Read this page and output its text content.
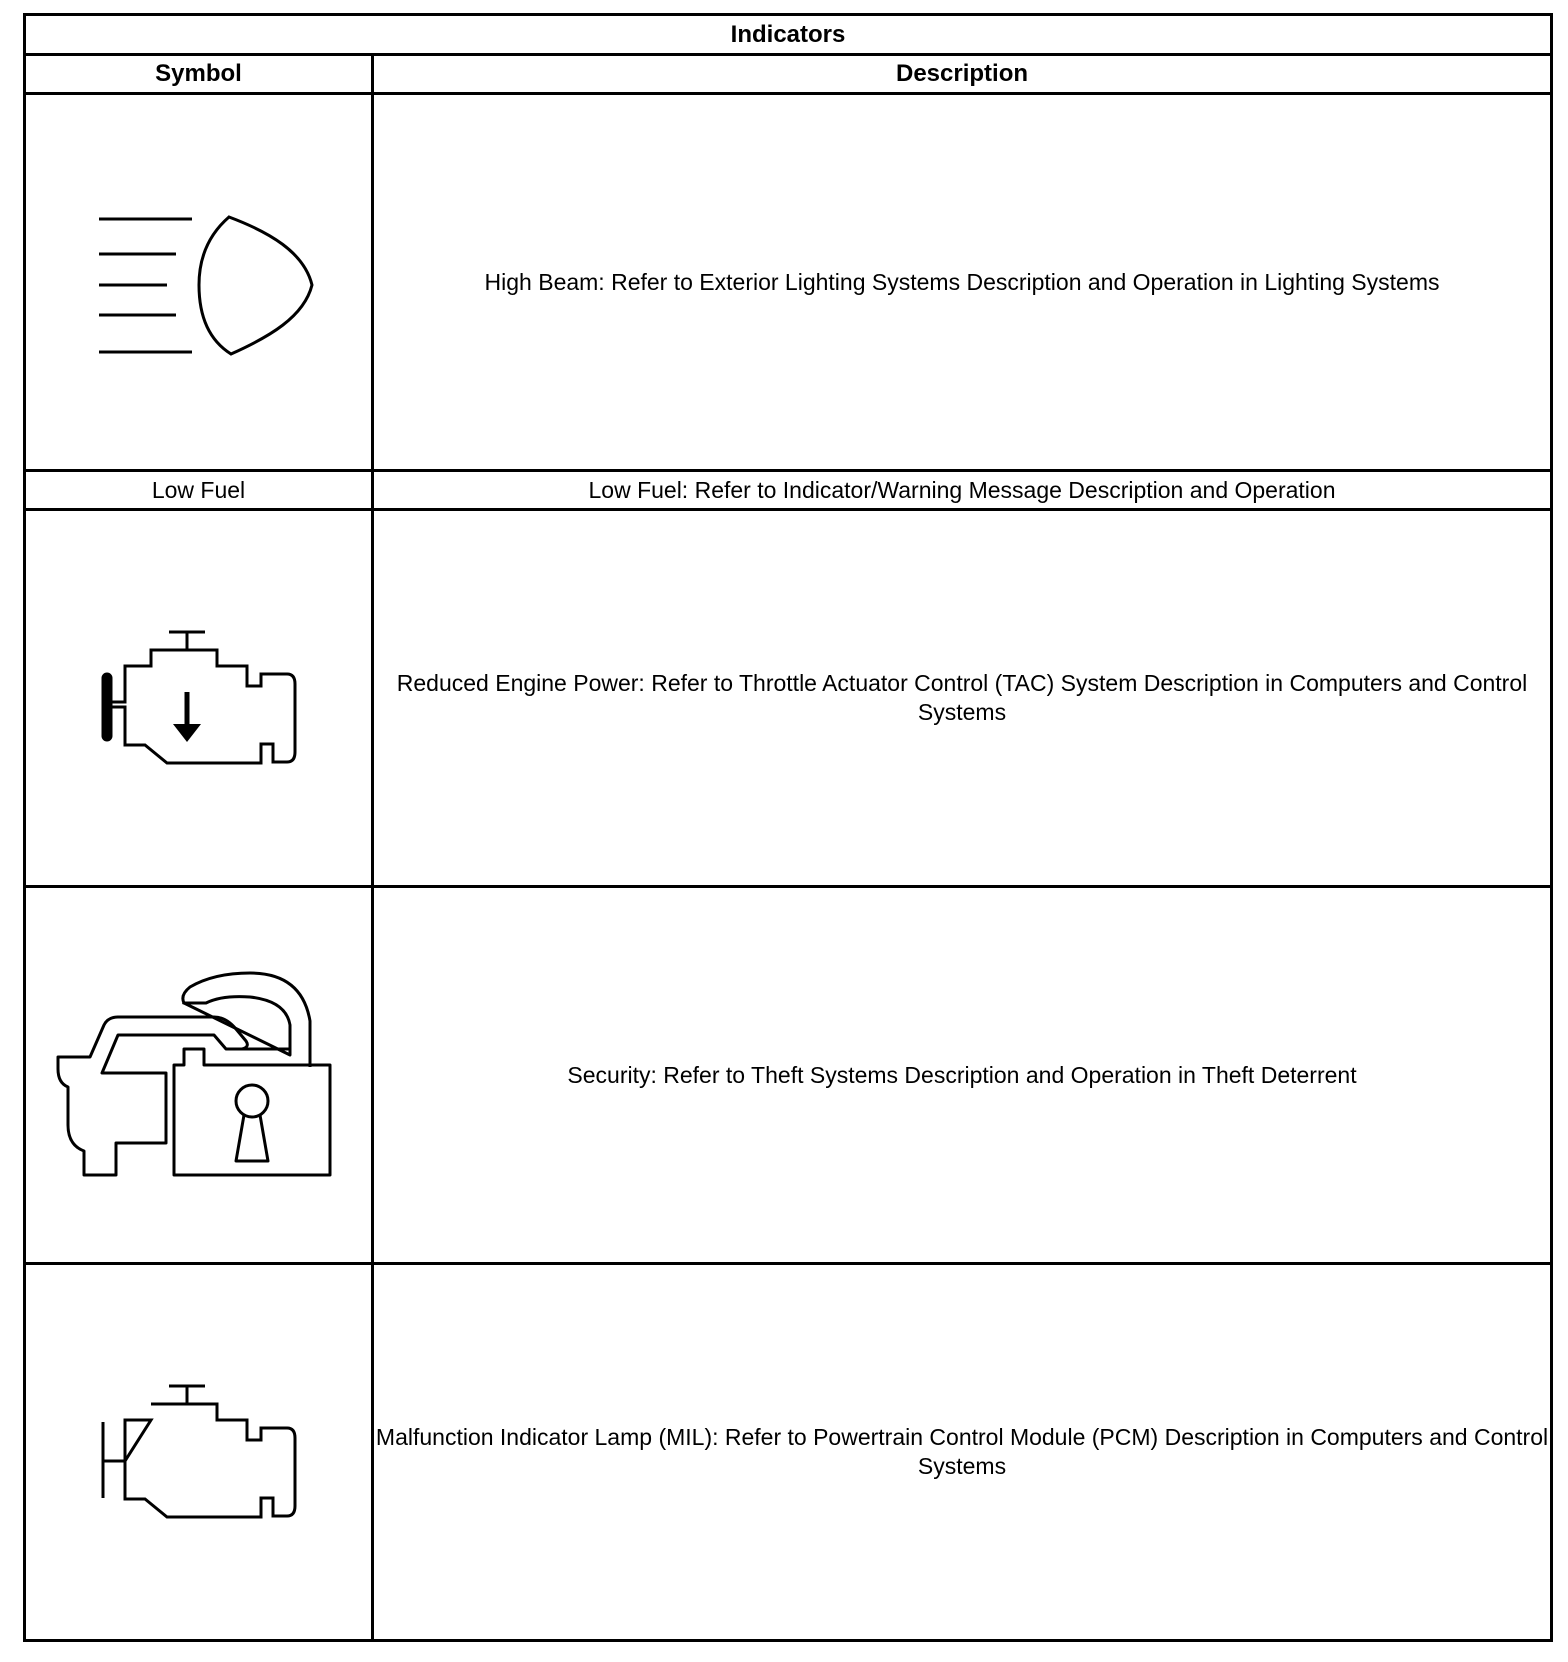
Indicators	
Symbol	Description

	High Beam: Refer to Exterior Lighting Systems Description and Operation in Lighting Systems
Low Fuel	Low Fuel: Refer to Indicator/Warning Message Description and Operation

	Reduced Engine Power: Refer to Throttle Actuator Control (TAC) System Description in Computers and Control Systems

	Security: Refer to Theft Systems Description and Operation in Theft Deterrent

	Malfunction Indicator Lamp (MIL): Refer to Powertrain Control Module (PCM) Description in Computers and Control Systems
